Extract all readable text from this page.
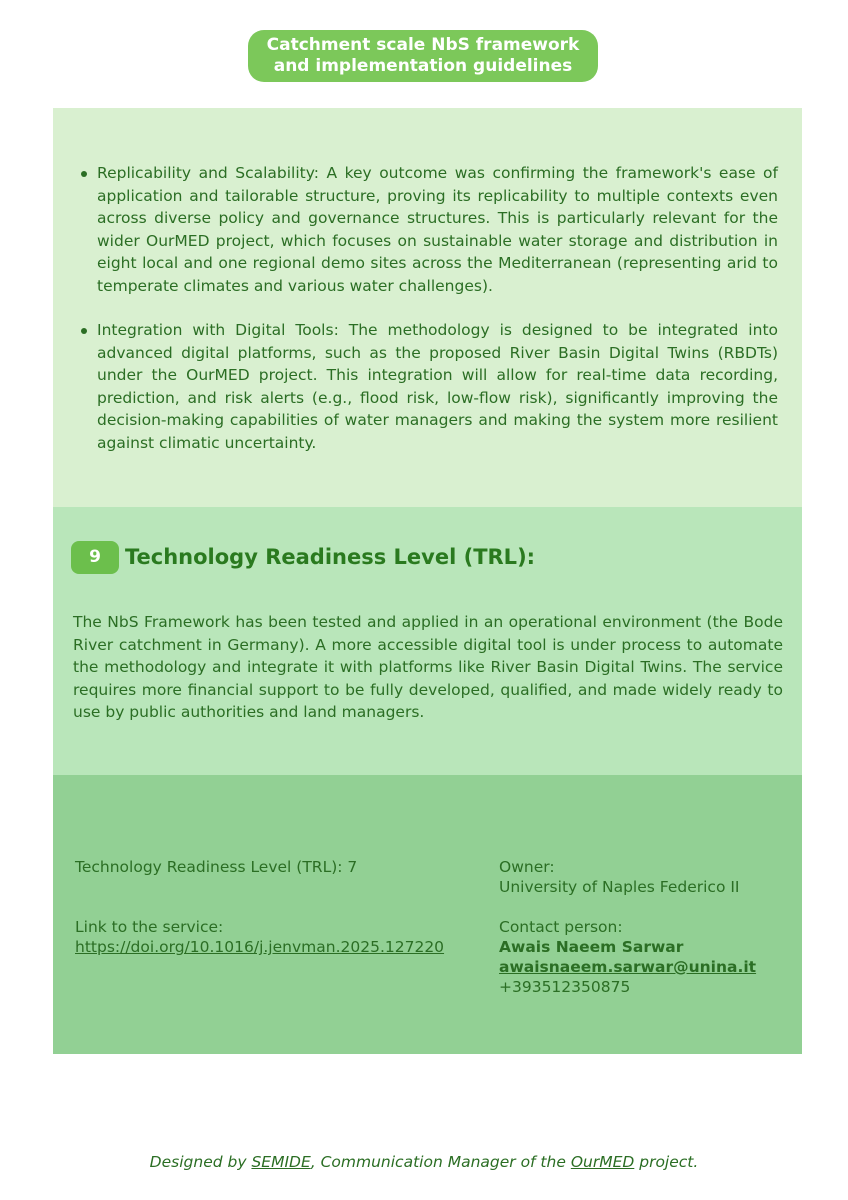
Catchment scale NbS framework
and implementation guidelines
Replicability and Scalability: A key outcome was confirming the framework's ease of application and tailorable structure, proving its replicability to multiple contexts even across diverse policy and governance structures. This is particularly relevant for the wider OurMED project, which focuses on sustainable water storage and distribution in eight local and one regional demo sites across the Mediterranean (representing arid to temperate climates and various water challenges).
Integration with Digital Tools: The methodology is designed to be integrated into advanced digital platforms, such as the proposed River Basin Digital Twins (RBDTs) under the OurMED project. This integration will allow for real-time data recording, prediction, and risk alerts (e.g., flood risk, low-flow risk), significantly improving the decision-making capabilities of water managers and making the system more resilient against climatic uncertainty.
9	Technology Readiness Level (TRL):

The NbS Framework has been tested and applied in an operational environment (the Bode River catchment in Germany). A more accessible digital tool is under process to automate the methodology and integrate it with platforms like River Basin Digital Twins. The service requires more financial support to be fully developed, qualified, and made widely ready to use by public authorities and land managers.

Technology Readiness Level (TRL): 7

Link to the service:

https://doi.org/10.1016/j.jenvman.2025.127220

Owner:

University of Naples Federico II

Contact person:

Awais Naeem Sarwar

awaisnaeem.sarwar@unina.it

+393512350875

Designed by SEMIDE, Communication Manager of the OurMED project.
